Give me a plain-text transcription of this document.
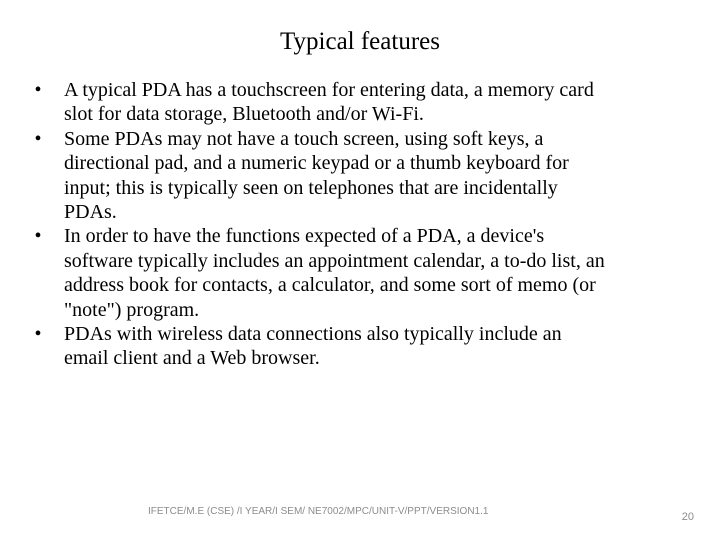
Typical features
•	A typical PDA has a touchscreen for entering data, a memory card
slot for data storage, Bluetooth and/or Wi-Fi.
•	Some PDAs may not have a touch screen, using soft keys, a
directional pad, and a numeric keypad or a thumb keyboard for
input; this is typically seen on telephones that are incidentally
PDAs.
•	In order to have the functions expected of a PDA, a device's
software typically includes an appointment calendar, a to-do list, an
address book for contacts, a calculator, and some sort of memo (or
"note") program.
•	PDAs with wireless data connections also typically include an
email client and a Web browser.
IFETCE/M.E (CSE) /I YEAR/I SEM/ NE7002/MPC/UNIT-V/PPT/VERSION1.1	20
